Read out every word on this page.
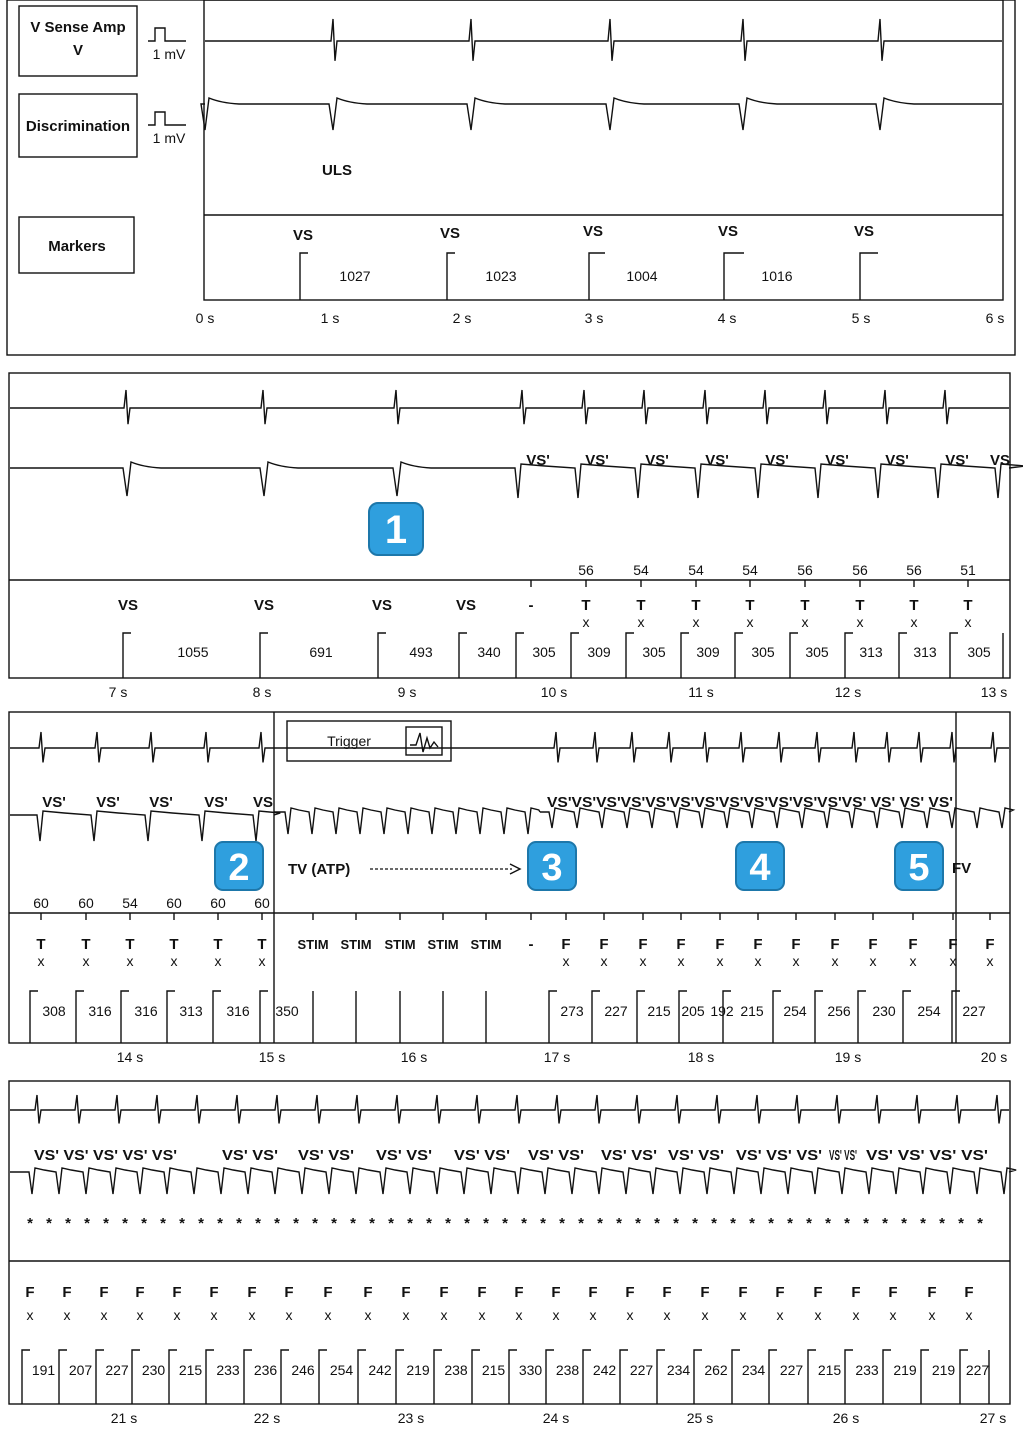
V Sense Amp
V
Discrimination
Markers
1 mV
1 mV
ULS
VS	VS	VS	VS	VS
1027	1023	1004	1016
0 s	1 s	2 s	3 s	4 s	5 s	6 s
VS' VS' VS' VS' VS' VS' VS' VS' VS
1
56	54	54	54	56	56	56	51
VS	VS	VS	VS	-	T	T	T	T	T	T	T	T
x	x	x	x	x	x	x	x
1055	691	493	340 305 309 305 309 305 305 313 313 305
7 s	8 s	9 s	10 s	11 s	12 s	13 s
Trigger
VS' VS' VS' VS' VS	VS'VS'VS'VS'VS'VS'VS'VS'VS'VS'VS'VS'VS' VS' VS' VS'
TV (ATP)
2	3	4	5 FV
60 60 54 60 60 60
T T T T T T STIM STIM STIM STIM STIM - F F F F F F F F F F F F
x	x	x	x	x	x	x x x x x x x x x x x x
308 316 316 313 316 350	273 227 215 205 192 215 254 256 230 254 227
14 s	15 s	16 s	17 s	18 s	19 s	20 s
VS' VS' VS' VS' VS'	VS' VS' VS' VS' VS' VS' VS' VS' VS' VS' VS' VS' VS' VS' VS' VS' VS' VS' VS' VS' VS' VS' VS'
* * * * * * * * * * * * * * * * * * * * * * * * * * * * * * * * * * * * * * * * * * * * * * * * * * *
F F F F F F F F F F F F F F F F F F F F F F F F F F
x x x x x x x x x x x x x x x x x x x x x x x x x x
191 207 227 230 215 233 236 246 254 242 219 238 215 330 238 242 227 234 262 234 227 215 233 219 219 227
21 s	22 s	23 s	24 s	25 s	26 s	27 s
